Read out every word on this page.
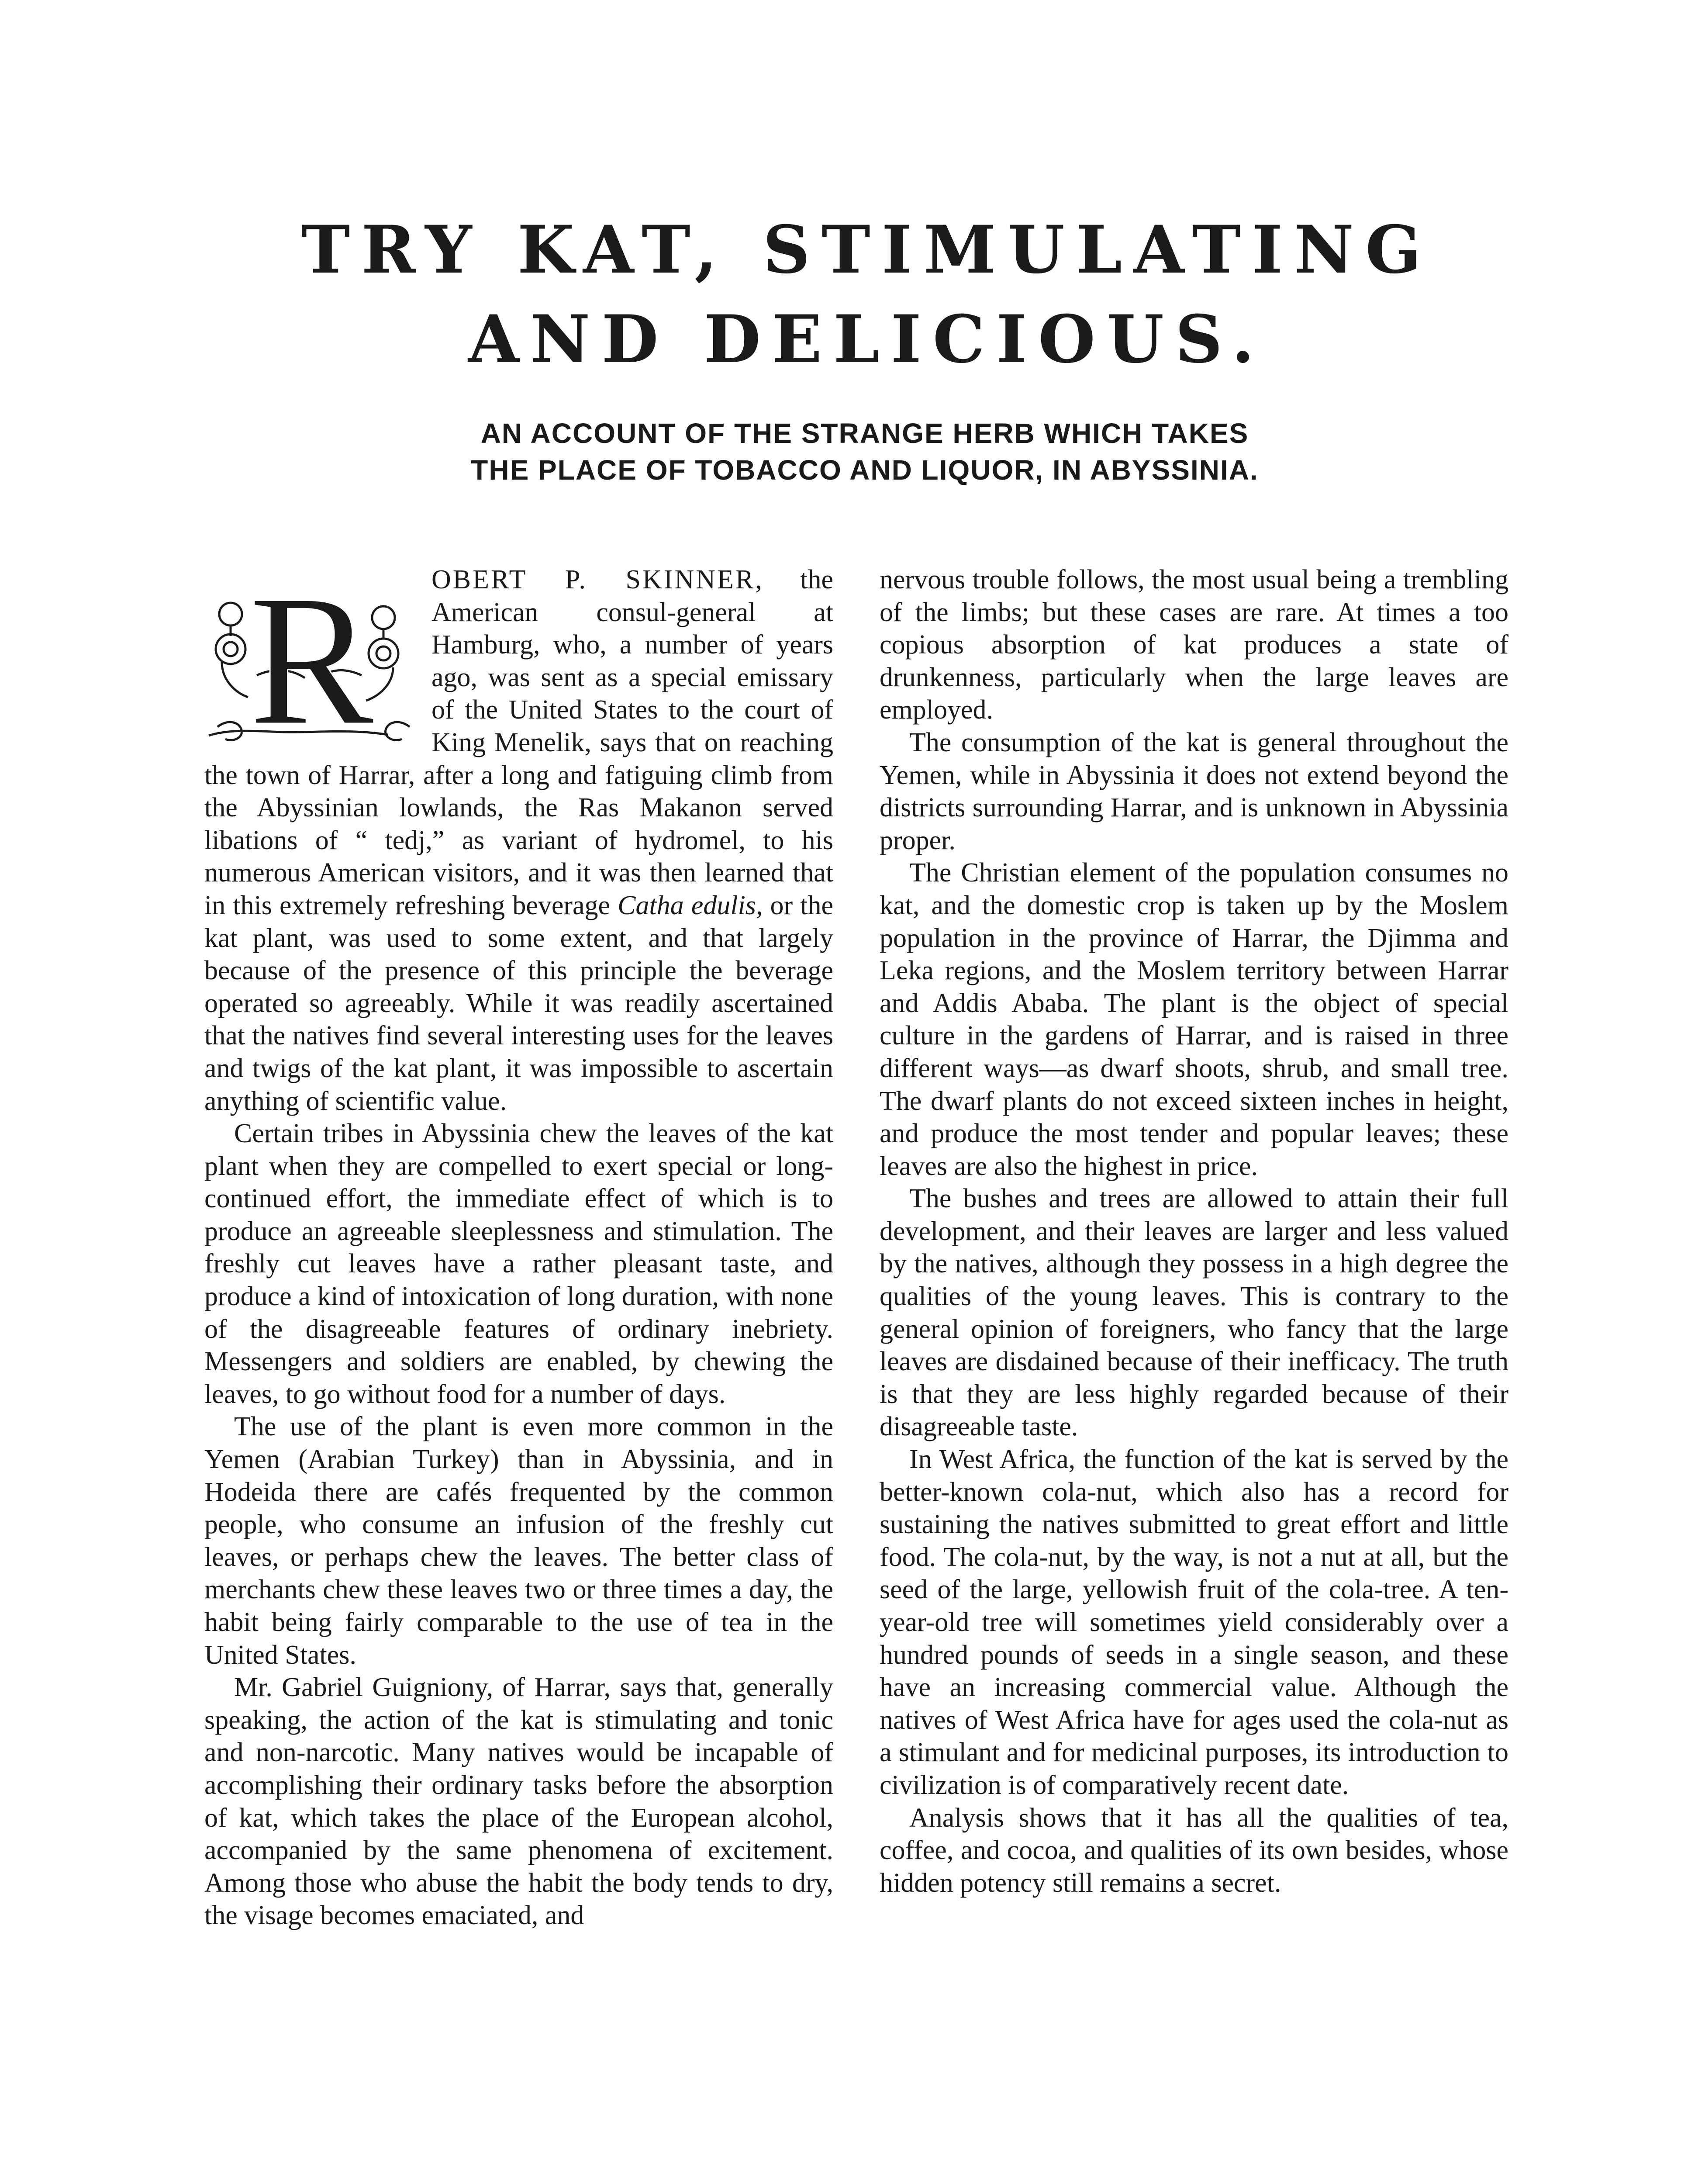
TRY KAT, STIMULATING AND DELICIOUS.
AN ACCOUNT OF THE STRANGE HERB WHICH TAKES
THE PLACE OF TOBACCO AND LIQUOR, IN ABYSSINIA.

R OBERT P. SKINNER, the American consul-general at Hamburg, who, a number of years ago, was sent as a special emissary of the United States to the court of King Menelik, says that on reaching the town of Harrar, after a long and fatiguing climb from the Abyssinian lowlands, the Ras Makanon served libations of “ tedj,” as variant of hydromel, to his numerous American visitors, and it was then learned that in this extremely refreshing beverage Catha edulis, or the kat plant, was used to some extent, and that largely because of the presence of this principle the beverage operated so agreeably. While it was readily ascertained that the natives find several interesting uses for the leaves and twigs of the kat plant, it was impossible to ascertain anything of scientific value.

Certain tribes in Abyssinia chew the leaves of the kat plant when they are compelled to exert special or long-continued effort, the immediate effect of which is to produce an agreeable sleeplessness and stimulation. The freshly cut leaves have a rather pleasant taste, and produce a kind of intoxication of long duration, with none of the disagreeable features of ordinary inebriety. Messengers and soldiers are enabled, by chewing the leaves, to go without food for a number of days.

The use of the plant is even more common in the Yemen (Arabian Turkey) than in Abyssinia, and in Hodeida there are cafés frequented by the common people, who consume an infusion of the freshly cut leaves, or perhaps chew the leaves. The better class of merchants chew these leaves two or three times a day, the habit being fairly comparable to the use of tea in the United States.

Mr. Gabriel Guigniony, of Harrar, says that, generally speaking, the action of the kat is stimulating and tonic and non-narcotic. Many natives would be incapable of accomplishing their ordinary tasks before the absorption of kat, which takes the place of the European alcohol, accompanied by the same phenomena of excitement. Among those who abuse the habit the body tends to dry, the visage becomes emaciated, and

nervous trouble follows, the most usual being a trembling of the limbs; but these cases are rare. At times a too copious absorption of kat produces a state of drunkenness, particularly when the large leaves are employed.

The consumption of the kat is general throughout the Yemen, while in Abyssinia it does not extend beyond the districts surrounding Harrar, and is unknown in Abyssinia proper.

The Christian element of the population consumes no kat, and the domestic crop is taken up by the Moslem population in the province of Harrar, the Djimma and Leka regions, and the Moslem territory between Harrar and Addis Ababa. The plant is the object of special culture in the gardens of Harrar, and is raised in three different ways—as dwarf shoots, shrub, and small tree. The dwarf plants do not exceed sixteen inches in height, and produce the most tender and popular leaves; these leaves are also the highest in price.

The bushes and trees are allowed to attain their full development, and their leaves are larger and less valued by the natives, although they possess in a high degree the qualities of the young leaves. This is contrary to the general opinion of foreigners, who fancy that the large leaves are disdained because of their inefficacy. The truth is that they are less highly regarded because of their disagreeable taste.

In West Africa, the function of the kat is served by the better-known cola-nut, which also has a record for sustaining the natives submitted to great effort and little food. The cola-nut, by the way, is not a nut at all, but the seed of the large, yellowish fruit of the cola-tree. A ten-year-old tree will sometimes yield considerably over a hundred pounds of seeds in a single season, and these have an increasing commercial value. Although the natives of West Africa have for ages used the cola-nut as a stimulant and for medicinal purposes, its introduction to civilization is of comparatively recent date.

Analysis shows that it has all the qualities of tea, coffee, and cocoa, and qualities of its own besides, whose hidden potency still remains a secret.
